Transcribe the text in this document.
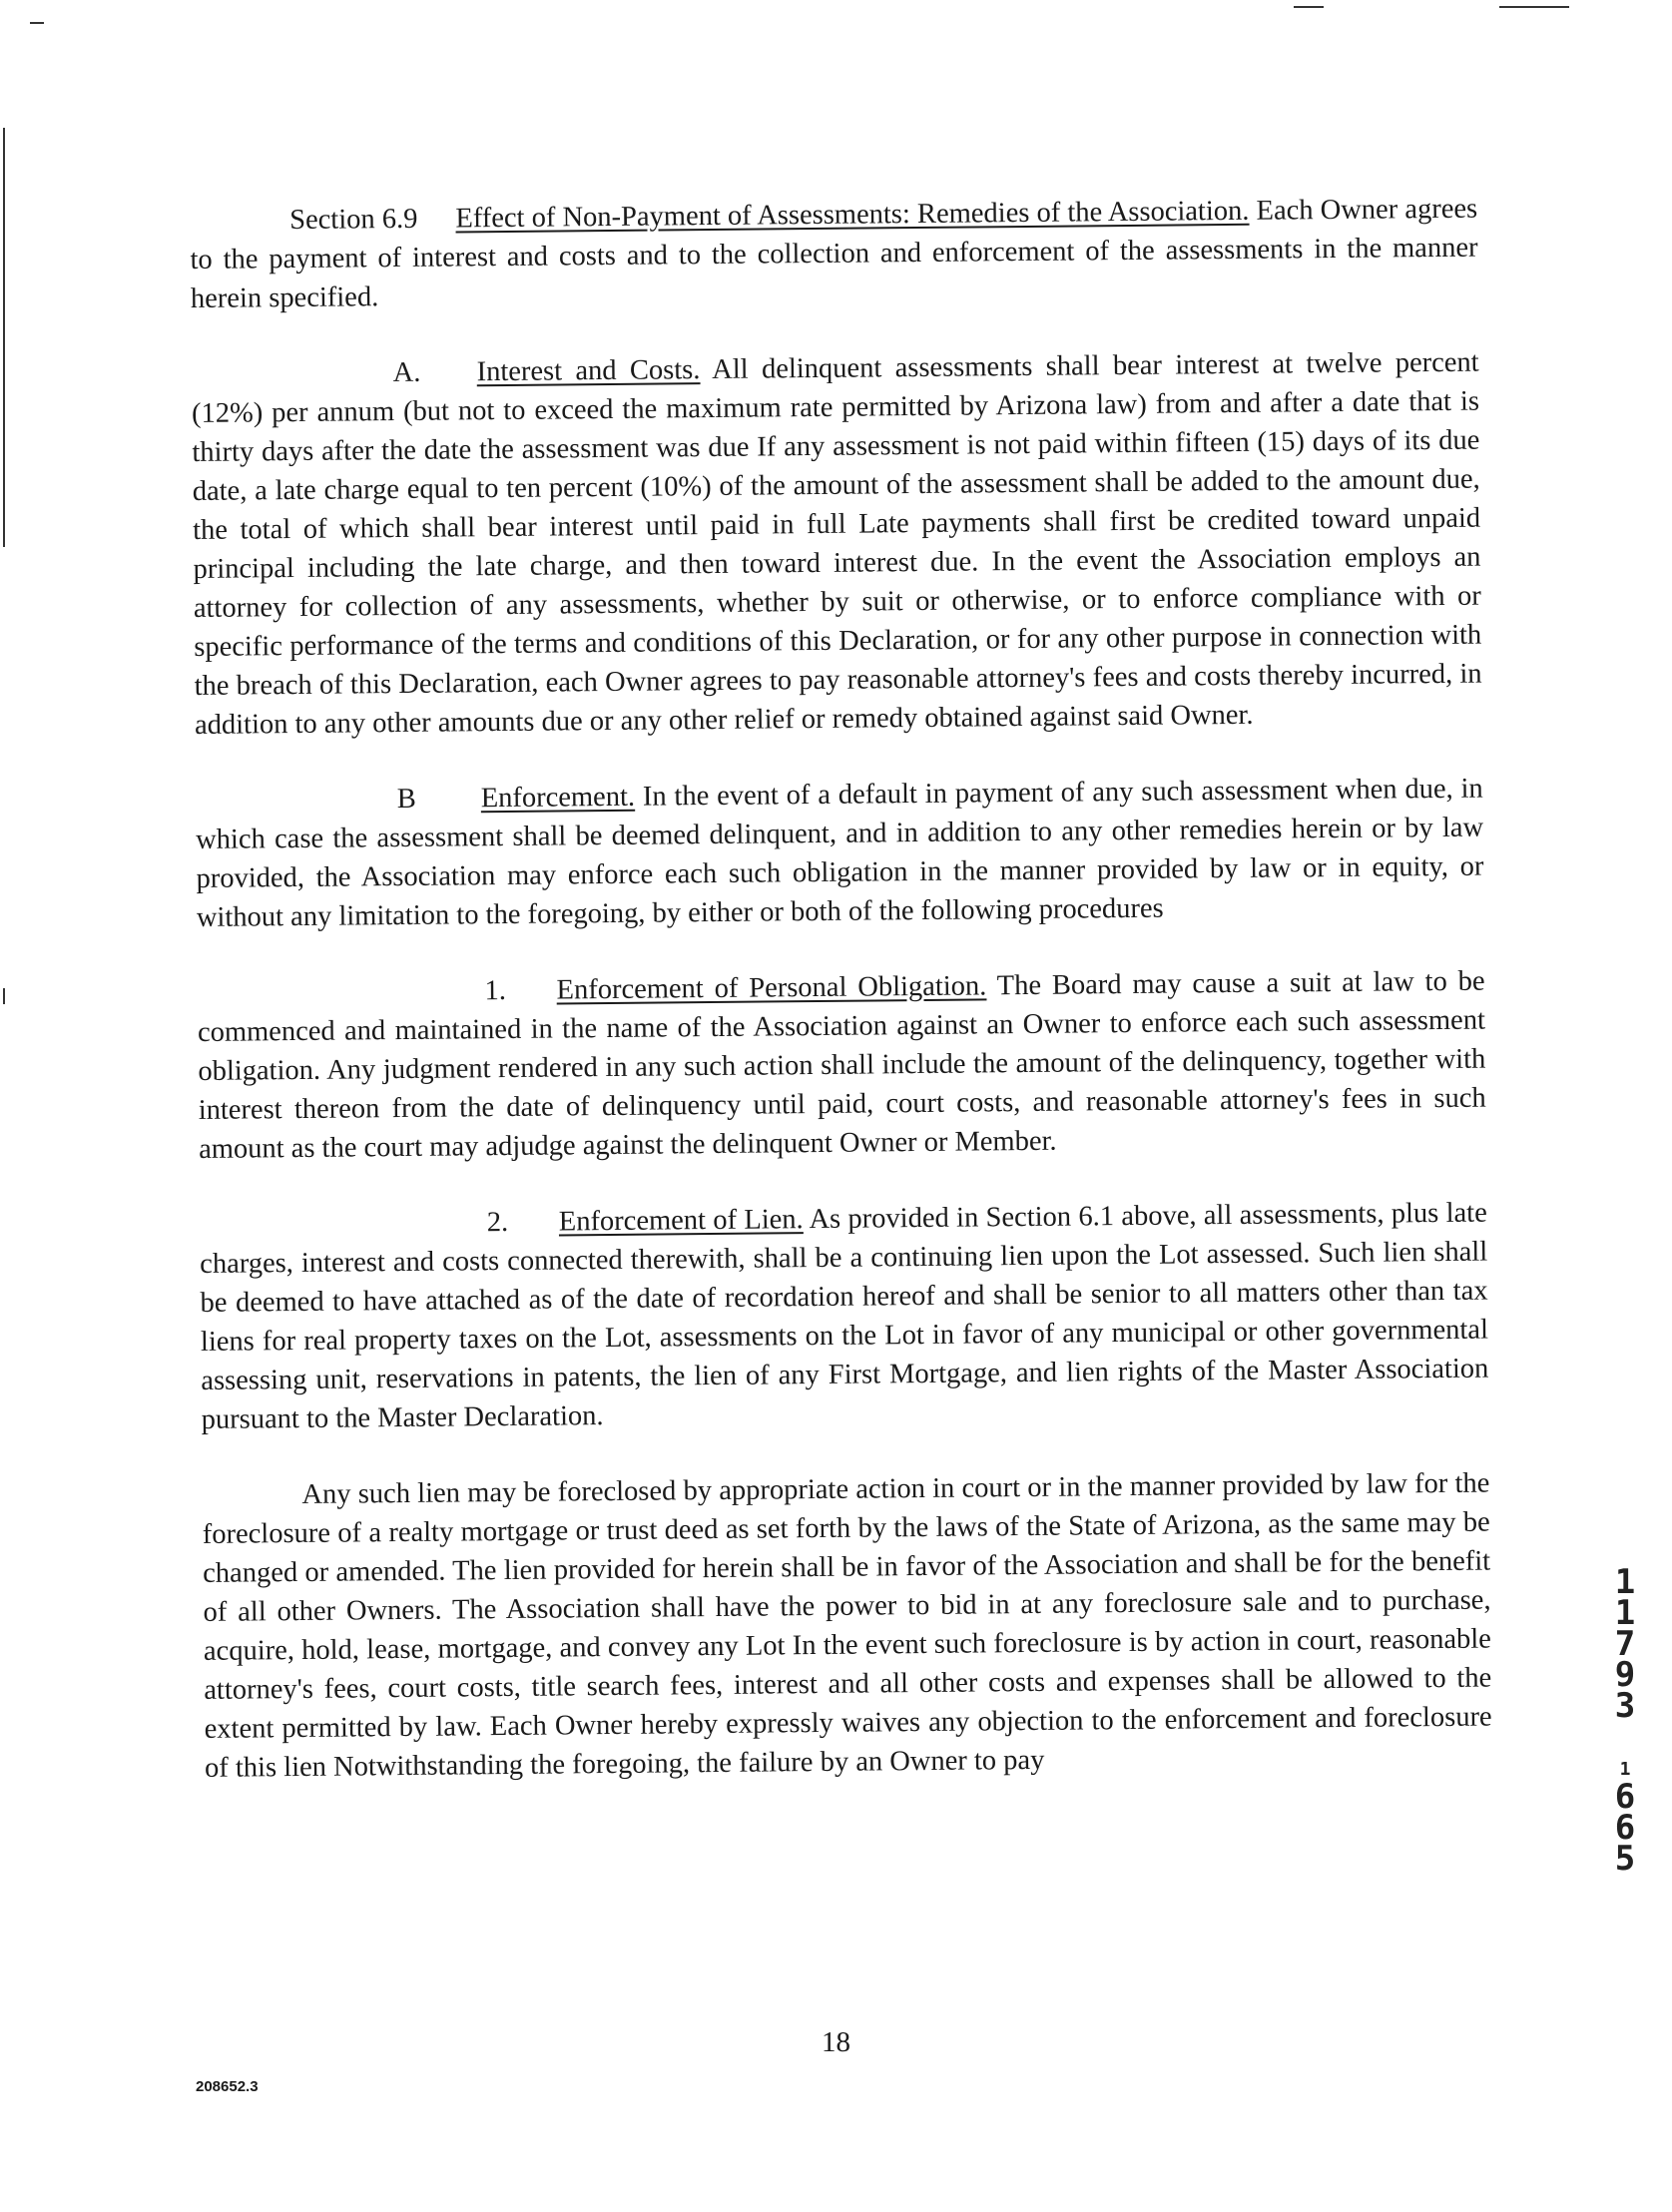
Section 6.9 Effect of Non-Payment of Assessments: Remedies of the Association. Each Owner agrees to the payment of interest and costs and to the collection and enforcement of the assessments in the manner herein specified.

A. Interest and Costs. All delinquent assessments shall bear interest at twelve percent (12%) per annum (but not to exceed the maximum rate permitted by Arizona law) from and after a date that is thirty days after the date the assessment was due If any assessment is not paid within fifteen (15) days of its due date, a late charge equal to ten percent (10%) of the amount of the assessment shall be added to the amount due, the total of which shall bear interest until paid in full Late payments shall first be credited toward unpaid principal including the late charge, and then toward interest due. In the event the Association employs an attorney for collection of any assessments, whether by suit or otherwise, or to enforce compliance with or specific performance of the terms and conditions of this Declaration, or for any other purpose in connection with the breach of this Declaration, each Owner agrees to pay reasonable attorney's fees and costs thereby incurred, in addition to any other amounts due or any other relief or remedy obtained against said Owner.

B Enforcement. In the event of a default in payment of any such assessment when due, in which case the assessment shall be deemed delinquent, and in addition to any other remedies herein or by law provided, the Association may enforce each such obligation in the manner provided by law or in equity, or without any limitation to the foregoing, by either or both of the following procedures

1. Enforcement of Personal Obligation. The Board may cause a suit at law to be commenced and maintained in the name of the Association against an Owner to enforce each such assessment obligation. Any judgment rendered in any such action shall include the amount of the delinquency, together with interest thereon from the date of delinquency until paid, court costs, and reasonable attorney's fees in such amount as the court may adjudge against the delinquent Owner or Member.

2. Enforcement of Lien. As provided in Section 6.1 above, all assessments, plus late charges, interest and costs connected therewith, shall be a continuing lien upon the Lot assessed. Such lien shall be deemed to have attached as of the date of recordation hereof and shall be senior to all matters other than tax liens for real property taxes on the Lot, assessments on the Lot in favor of any municipal or other governmental assessing unit, reservations in patents, the lien of any First Mortgage, and lien rights of the Master Association pursuant to the Master Declaration.

Any such lien may be foreclosed by appropriate action in court or in the manner provided by law for the foreclosure of a realty mortgage or trust deed as set forth by the laws of the State of Arizona, as the same may be changed or amended. The lien provided for herein shall be in favor of the Association and shall be for the benefit of all other Owners. The Association shall have the power to bid in at any foreclosure sale and to purchase, acquire, hold, lease, mortgage, and convey any Lot In the event such foreclosure is by action in court, reasonable attorney's fees, court costs, title search fees, interest and all other costs and expenses shall be allowed to the extent permitted by law. Each Owner hereby expressly waives any objection to the enforcement and foreclosure of this lien Notwithstanding the foregoing, the failure by an Owner to pay

1
1
7
9
3
1
6
6
5
18
208652.3
